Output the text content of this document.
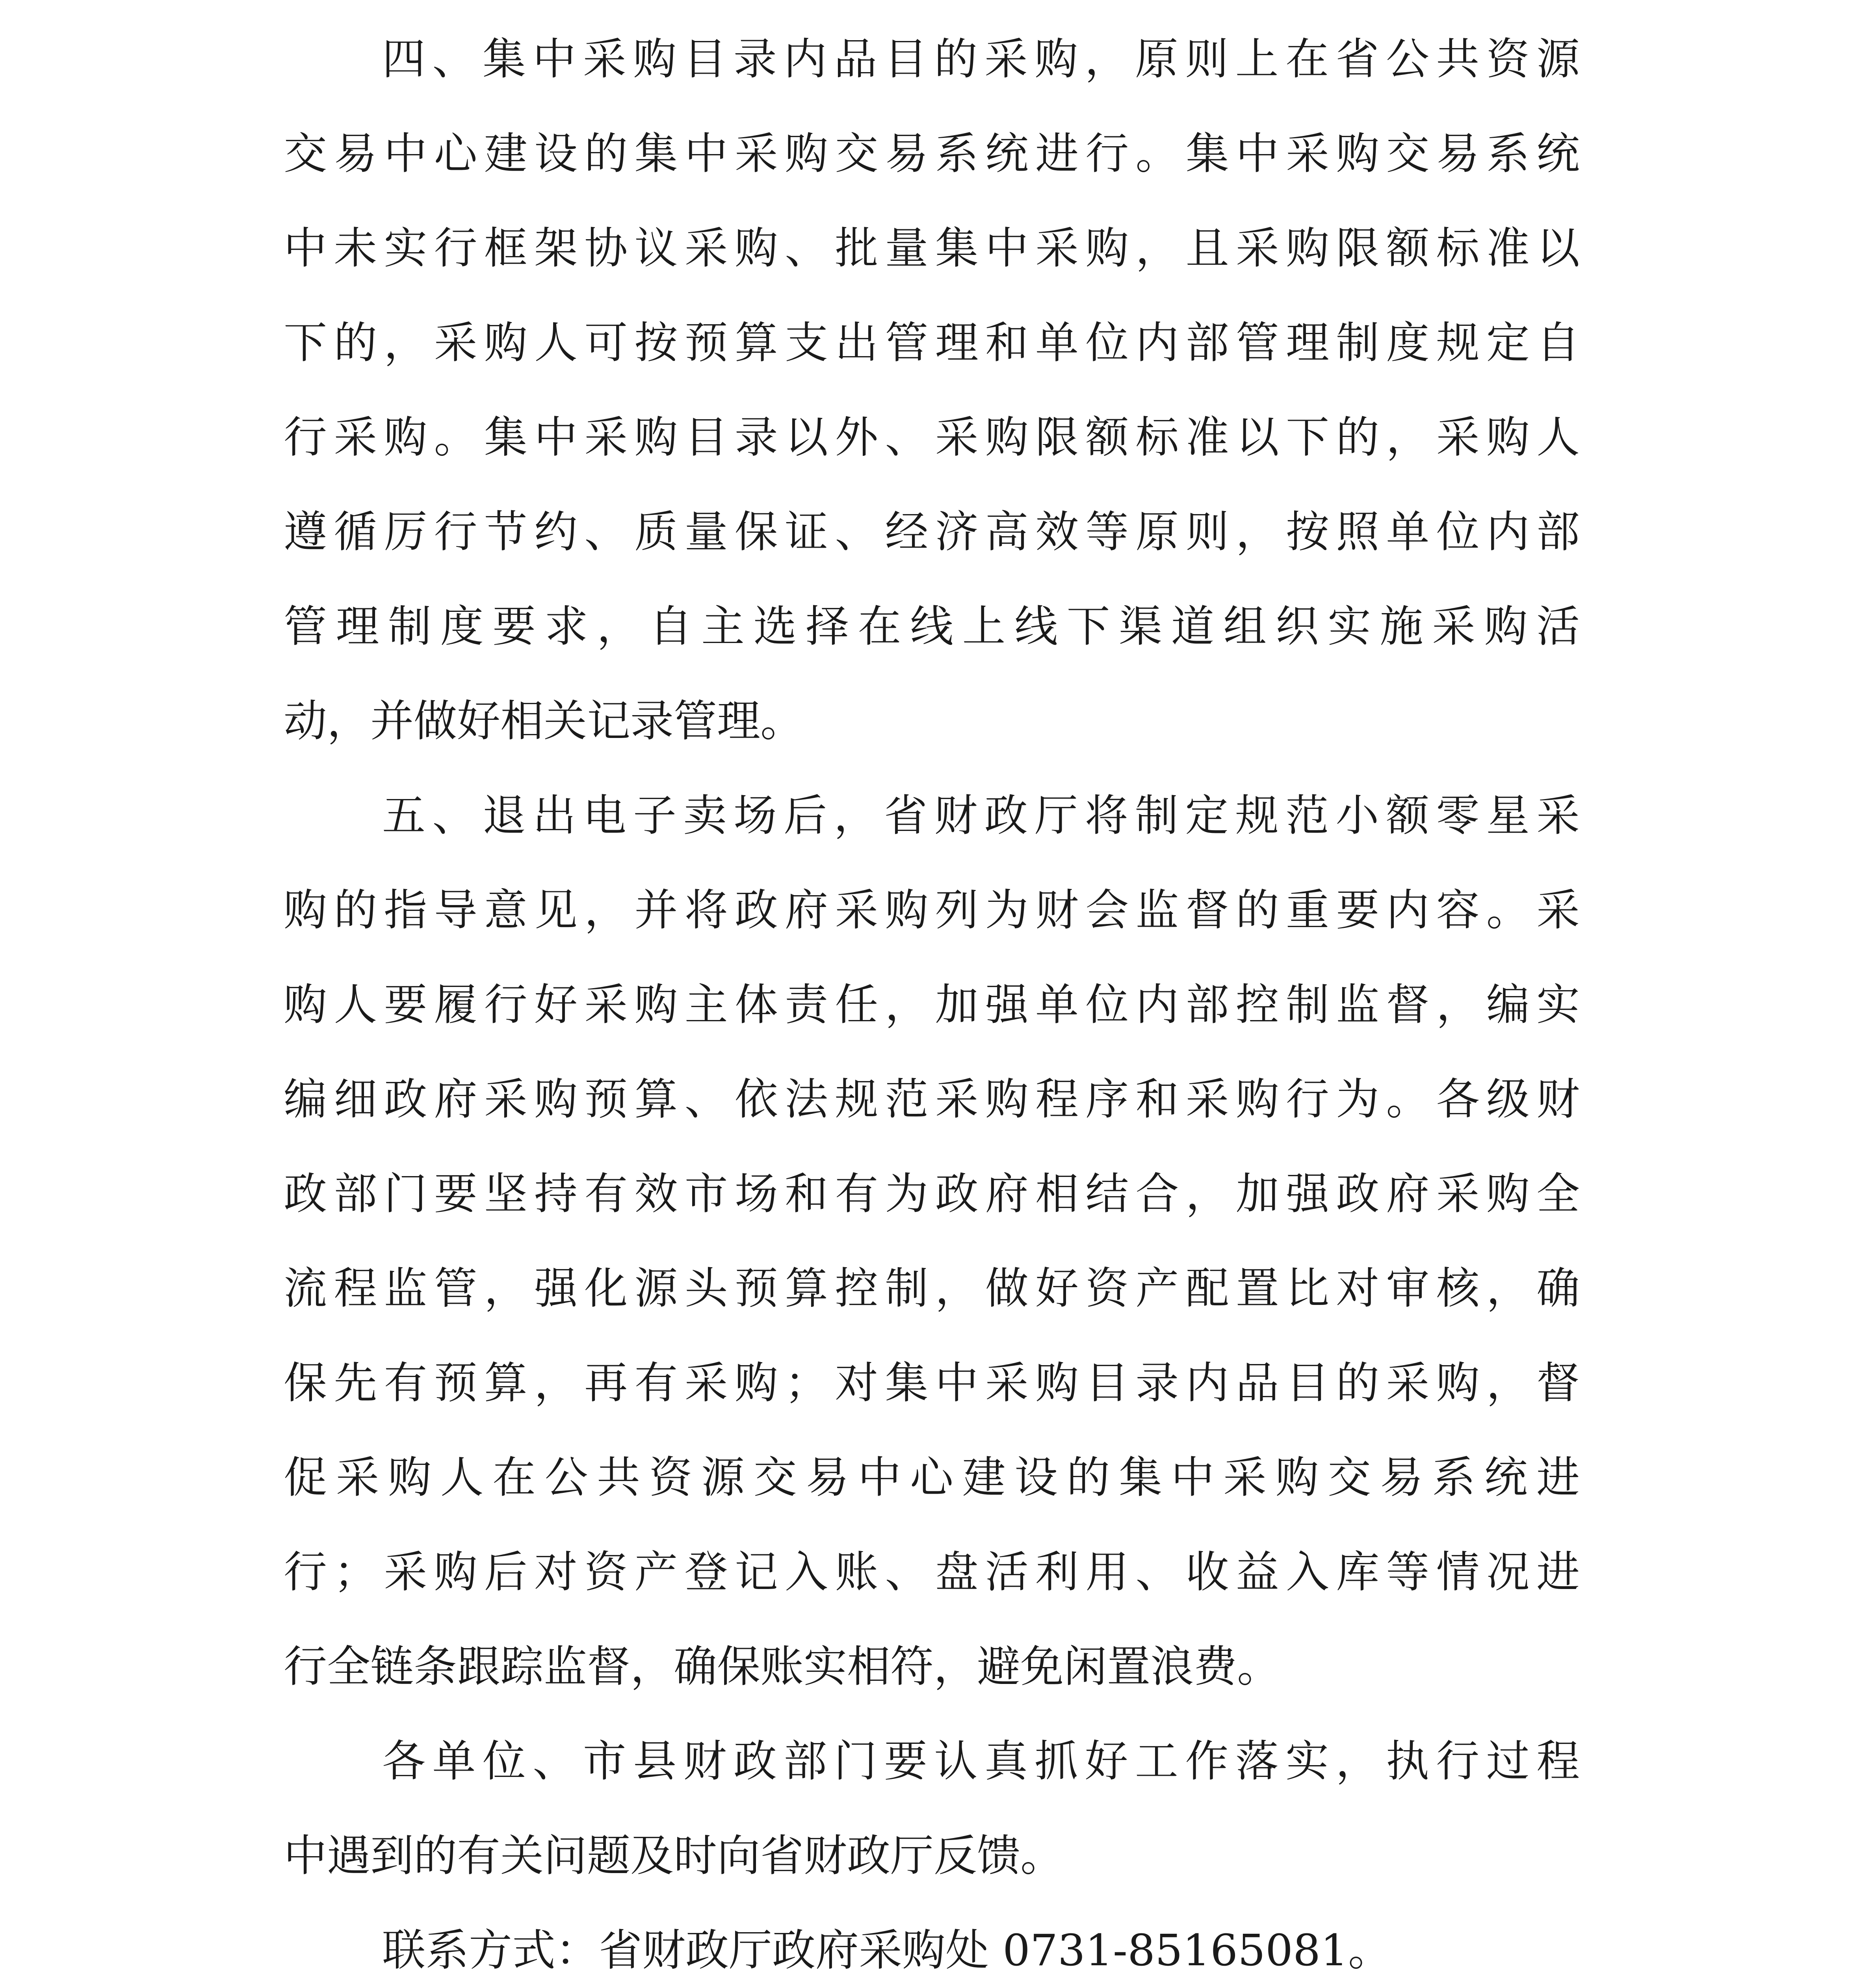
四、集中采购目录内品目的采购，原则上在省公共资源

交易中心建设的集中采购交易系统进行。集中采购交易系统

中未实行框架协议采购、批量集中采购，且采购限额标准以

下的，采购人可按预算支出管理和单位内部管理制度规定自

行采购。集中采购目录以外、采购限额标准以下的，采购人

遵循厉行节约、质量保证、经济高效等原则，按照单位内部

管理制度要求，自主选择在线上线下渠道组织实施采购活

动，并做好相关记录管理。

五、退出电子卖场后，省财政厅将制定规范小额零星采

购的指导意见，并将政府采购列为财会监督的重要内容。采

购人要履行好采购主体责任，加强单位内部控制监督，编实

编细政府采购预算、依法规范采购程序和采购行为。各级财

政部门要坚持有效市场和有为政府相结合，加强政府采购全

流程监管，强化源头预算控制，做好资产配置比对审核，确

保先有预算，再有采购；对集中采购目录内品目的采购，督

促采购人在公共资源交易中心建设的集中采购交易系统进

行；采购后对资产登记入账、盘活利用、收益入库等情况进

行全链条跟踪监督，确保账实相符，避免闲置浪费。

各单位、市县财政部门要认真抓好工作落实，执行过程

中遇到的有关问题及时向省财政厅反馈。

联系方式：省财政厅政府采购处 0731-85165081。
